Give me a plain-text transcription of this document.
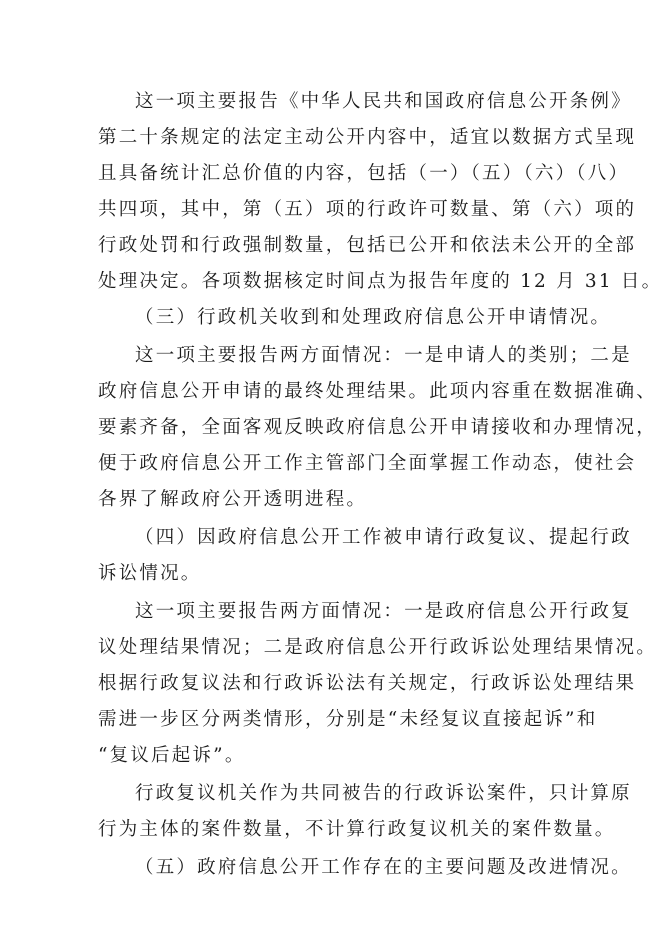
这一项主要报告《中华人民共和国政府信息公开条例》
第二十条规定的法定主动公开内容中，适宜以数据方式呈现
且具备统计汇总价值的内容，包括（一）（五）（六）（八）
共四项，其中，第（五）项的行政许可数量、第（六）项的
行政处罚和行政强制数量，包括已公开和依法未公开的全部
处理决定。各项数据核定时间点为报告年度的 12 月 31 日。
（三）行政机关收到和处理政府信息公开申请情况。
这一项主要报告两方面情况：一是申请人的类别；二是
政府信息公开申请的最终处理结果。此项内容重在数据准确、
要素齐备，全面客观反映政府信息公开申请接收和办理情况，
便于政府信息公开工作主管部门全面掌握工作动态，使社会
各界了解政府公开透明进程。
（四）因政府信息公开工作被申请行政复议、提起行政
诉讼情况。
这一项主要报告两方面情况：一是政府信息公开行政复
议处理结果情况；二是政府信息公开行政诉讼处理结果情况。
根据行政复议法和行政诉讼法有关规定，行政诉讼处理结果
需进一步区分两类情形，分别是“未经复议直接起诉”和
“复议后起诉”。
行政复议机关作为共同被告的行政诉讼案件，只计算原
行为主体的案件数量，不计算行政复议机关的案件数量。
（五）政府信息公开工作存在的主要问题及改进情况。
